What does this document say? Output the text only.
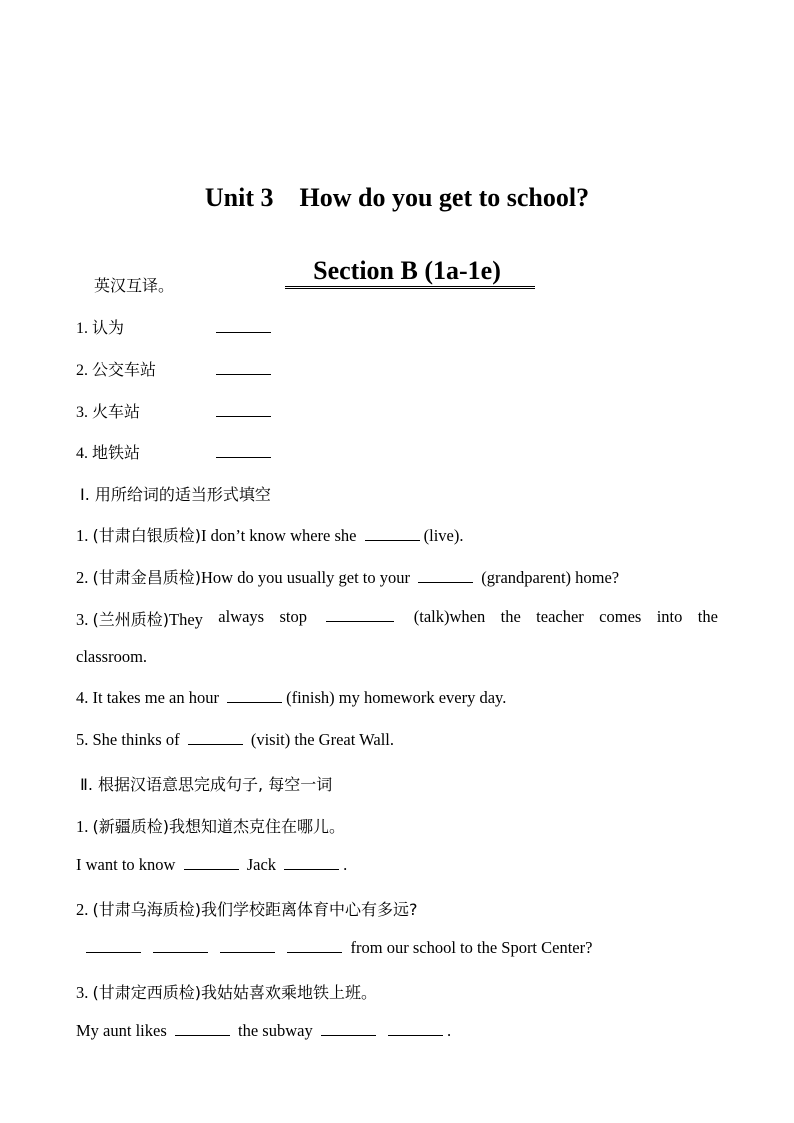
Unit 3    How do you get to school?

Section B (1a-1e)

英汉互译。
1. 认为
2. 公交车站
3. 火车站
4. 地铁站
Ⅰ. 用所给词的适当形式填空
1. (甘肃白银质检)I don’t know where she	(live).
2. (甘肃金昌质检)How do you usually get to your	(grandparent) home?
3. (兰州质检)They always stop	(talk)when the teacher comes into the
classroom.
4. It takes me an hour	(finish) my homework every day.
5. She thinks of	(visit) the Great Wall.
Ⅱ. 根据汉语意思完成句子, 每空一词
1. (新疆质检)我想知道杰克住在哪儿。
I want to know	Jack	.
2. (甘肃乌海质检)我们学校距离体育中心有多远?
from our school to the Sport Center?
3. (甘肃定西质检)我姑姑喜欢乘地铁上班。
My aunt likes	the subway	.
